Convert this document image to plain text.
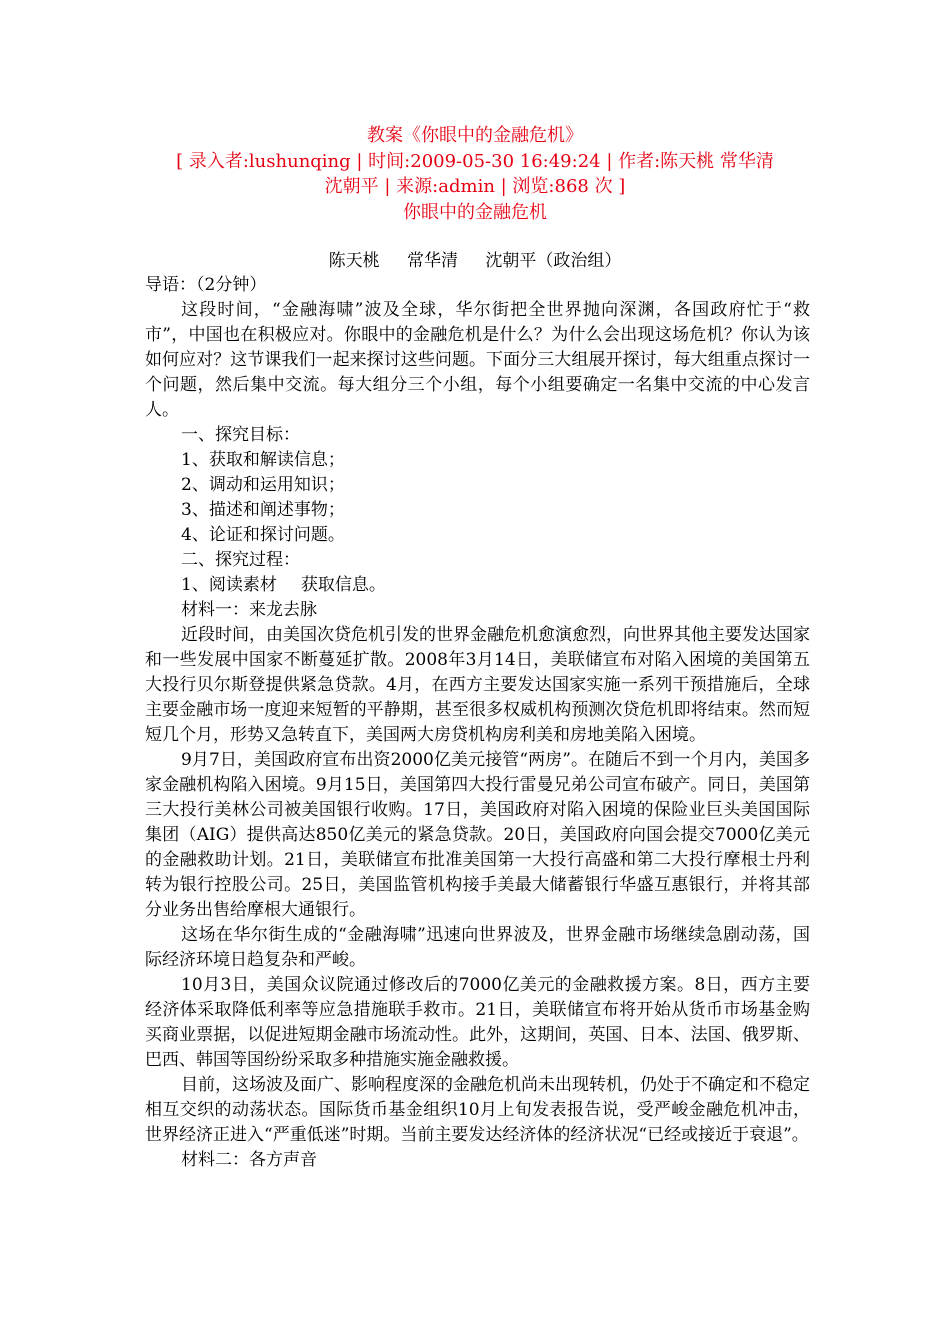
教案《你眼中的金融危机》
[ 录入者:lushunqing | 时间:2009-05-30 16:49:24 | 作者:陈天桃 常华清
沈朝平 | 来源:admin | 浏览:868 次 ]
你眼中的金融危机
陈天桃 常华清 沈朝平（政治组）

导语：（2分钟）

这段时间，“金融海啸”波及全球，华尔街把全世界抛向深渊，各国政府忙于“救市”，中国也在积极应对。你眼中的金融危机是什么？为什么会出现这场危机？你认为该如何应对？这节课我们一起来探讨这些问题。下面分三大组展开探讨，每大组重点探讨一个问题，然后集中交流。每大组分三个小组，每个小组要确定一名集中交流的中心发言人。

一、探究目标：

1、获取和解读信息；

2、调动和运用知识；

3、描述和阐述事物；

4、论证和探讨问题。

二、探究过程：

1、阅读素材 获取信息。

材料一：来龙去脉

近段时间，由美国次贷危机引发的世界金融危机愈演愈烈，向世界其他主要发达国家和一些发展中国家不断蔓延扩散。2008年3月14日，美联储宣布对陷入困境的美国第五大投行贝尔斯登提供紧急贷款。4月，在西方主要发达国家实施一系列干预措施后，全球主要金融市场一度迎来短暂的平静期，甚至很多权威机构预测次贷危机即将结束。然而短短几个月，形势又急转直下，美国两大房贷机构房利美和房地美陷入困境。

9月7日，美国政府宣布出资2000亿美元接管“两房”。在随后不到一个月内，美国多家金融机构陷入困境。9月15日，美国第四大投行雷曼兄弟公司宣布破产。同日，美国第三大投行美林公司被美国银行收购。17日，美国政府对陷入困境的保险业巨头美国国际集团（AIG）提供高达850亿美元的紧急贷款。20日，美国政府向国会提交7000亿美元的金融救助计划。21日，美联储宣布批准美国第一大投行高盛和第二大投行摩根士丹利转为银行控股公司。25日，美国监管机构接手美最大储蓄银行华盛互惠银行，并将其部分业务出售给摩根大通银行。

这场在华尔街生成的“金融海啸”迅速向世界波及，世界金融市场继续急剧动荡，国际经济环境日趋复杂和严峻。

10月3日，美国众议院通过修改后的7000亿美元的金融救援方案。8日，西方主要经济体采取降低利率等应急措施联手救市。21日，美联储宣布将开始从货币市场基金购买商业票据，以促进短期金融市场流动性。此外，这期间，英国、日本、法国、俄罗斯、巴西、韩国等国纷纷采取多种措施实施金融救援。

目前，这场波及面广、影响程度深的金融危机尚未出现转机，仍处于不确定和不稳定相互交织的动荡状态。国际货币基金组织10月上旬发表报告说，受严峻金融危机冲击，世界经济正进入“严重低迷”时期。当前主要发达经济体的经济状况“已经或接近于衰退”。

材料二：各方声音
